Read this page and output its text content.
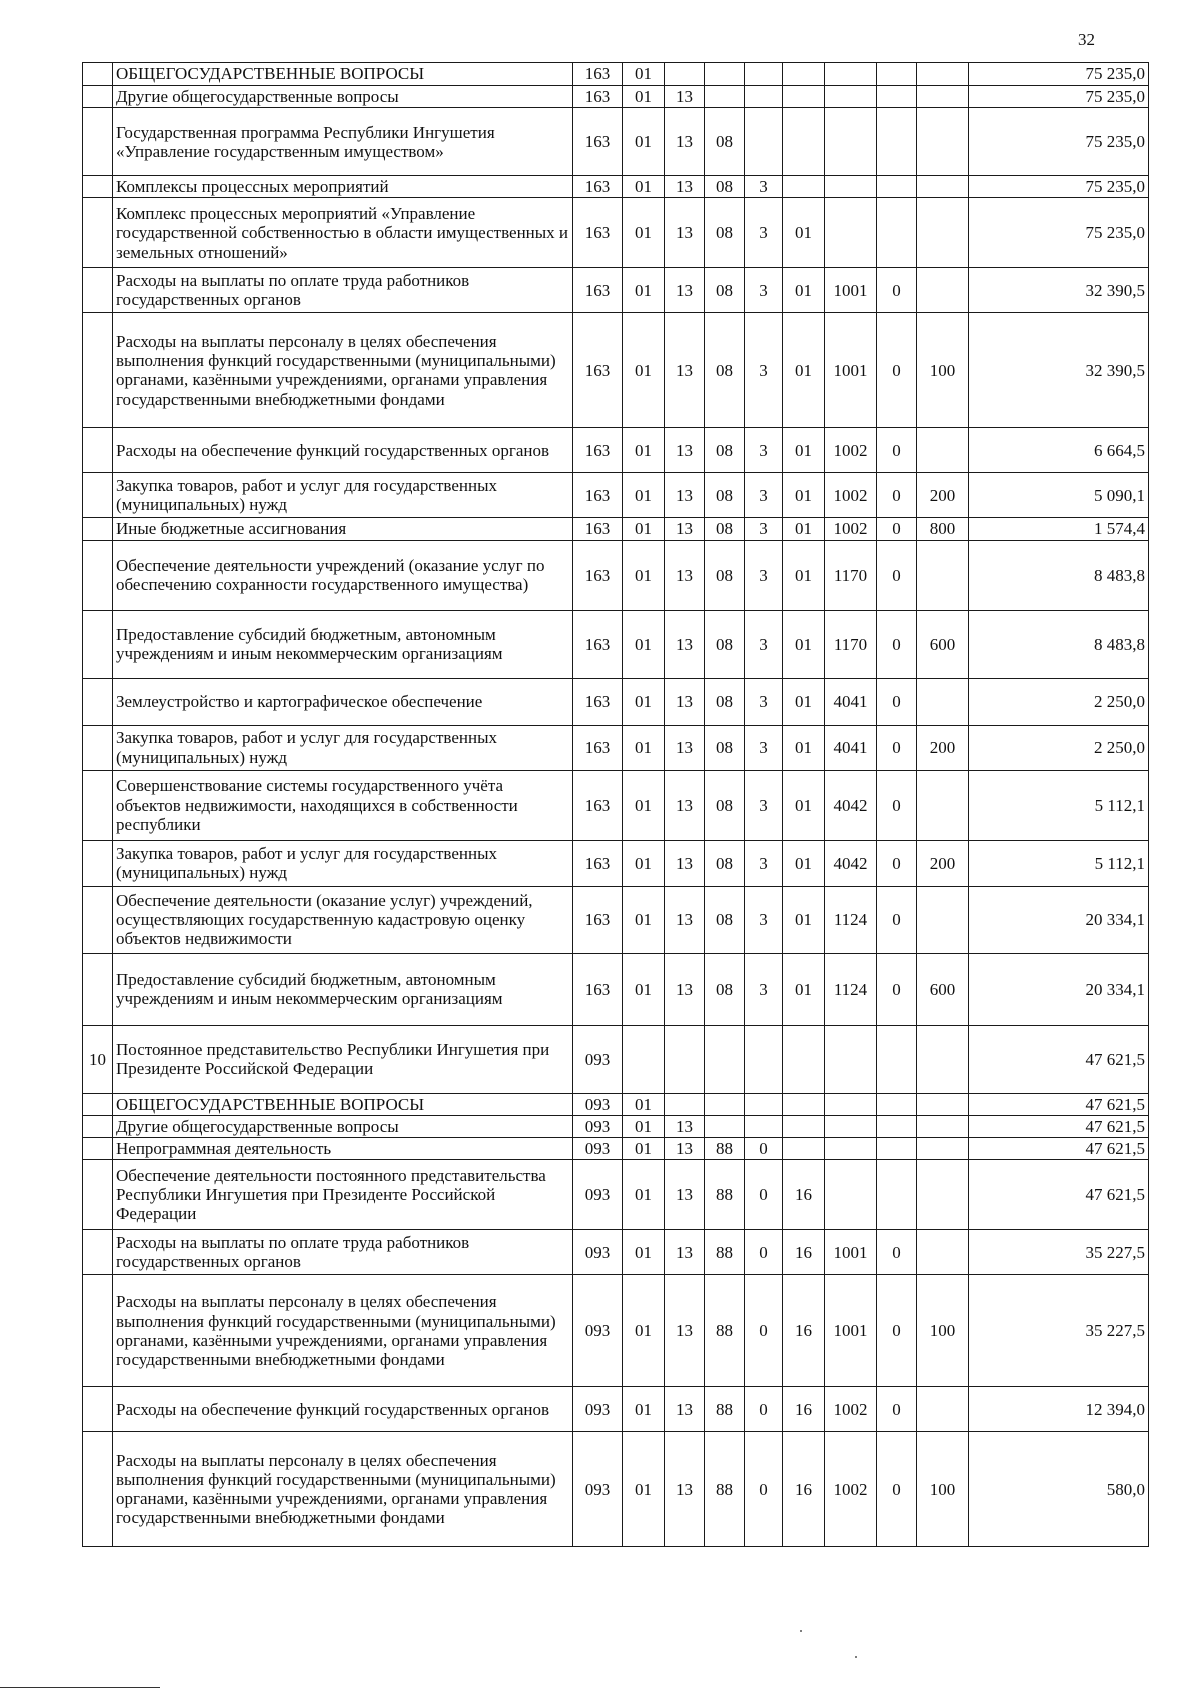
32
	ОБЩЕГОСУДАРСТВЕННЫЕ ВОПРОСЫ	163	01								75 235,0
	Другие общегосударственные вопросы	163	01	13							75 235,0
	Государственная программа Республики Ингушетия «Управление государственным имуществом»	163	01	13	08						75 235,0
	Комплексы процессных мероприятий	163	01	13	08	3					75 235,0
	Комплекс процессных мероприятий «Управление государственной собственностью в области имущественных и земельных отношений»	163	01	13	08	3	01				75 235,0
	Расходы на выплаты по оплате труда работников государственных органов	163	01	13	08	3	01	1001	0		32 390,5
	Расходы на выплаты персоналу в целях обеспечения выполнения функций государственными (муниципальными) органами, казёнными учреждениями, органами управления государственными внебюджетными фондами	163	01	13	08	3	01	1001	0	100	32 390,5
	Расходы на обеспечение функций государственных органов	163	01	13	08	3	01	1002	0		6 664,5
	Закупка товаров, работ и услуг для государственных (муниципальных) нужд	163	01	13	08	3	01	1002	0	200	5 090,1
	Иные бюджетные ассигнования	163	01	13	08	3	01	1002	0	800	1 574,4
	Обеспечение деятельности учреждений (оказание услуг по обеспечению сохранности государственного имущества)	163	01	13	08	3	01	1170	0		8 483,8
	Предоставление субсидий бюджетным, автономным учреждениям и иным некоммерческим организациям	163	01	13	08	3	01	1170	0	600	8 483,8
	Землеустройство и картографическое обеспечение	163	01	13	08	3	01	4041	0		2 250,0
	Закупка товаров, работ и услуг для государственных (муниципальных) нужд	163	01	13	08	3	01	4041	0	200	2 250,0
	Совершенствование системы государственного учёта объектов недвижимости, находящихся в собственности республики	163	01	13	08	3	01	4042	0		5 112,1
	Закупка товаров, работ и услуг для государственных (муниципальных) нужд	163	01	13	08	3	01	4042	0	200	5 112,1
	Обеспечение деятельности (оказание услуг) учреждений, осуществляющих государственную кадастровую оценку объектов недвижимости	163	01	13	08	3	01	1124	0		20 334,1
	Предоставление субсидий бюджетным, автономным учреждениям и иным некоммерческим организациям	163	01	13	08	3	01	1124	0	600	20 334,1
10	Постоянное представительство Республики Ингушетия при Президенте Российской Федерации	093									47 621,5
	ОБЩЕГОСУДАРСТВЕННЫЕ ВОПРОСЫ	093	01								47 621,5
	Другие общегосударственные вопросы	093	01	13							47 621,5
	Непрограммная деятельность	093	01	13	88	0					47 621,5
	Обеспечение деятельности постоянного представительства Республики Ингушетия при Президенте Российской Федерации	093	01	13	88	0	16				47 621,5
	Расходы на выплаты по оплате труда работников государственных органов	093	01	13	88	0	16	1001	0		35 227,5
	Расходы на выплаты персоналу в целях обеспечения выполнения функций государственными (муниципальными) органами, казёнными учреждениями, органами управления государственными внебюджетными фондами	093	01	13	88	0	16	1001	0	100	35 227,5
	Расходы на обеспечение функций государственных органов	093	01	13	88	0	16	1002	0		12 394,0
	Расходы на выплаты персоналу в целях обеспечения выполнения функций государственными (муниципальными) органами, казёнными учреждениями, органами управления государственными внебюджетными фондами	093	01	13	88	0	16	1002	0	100	580,0
